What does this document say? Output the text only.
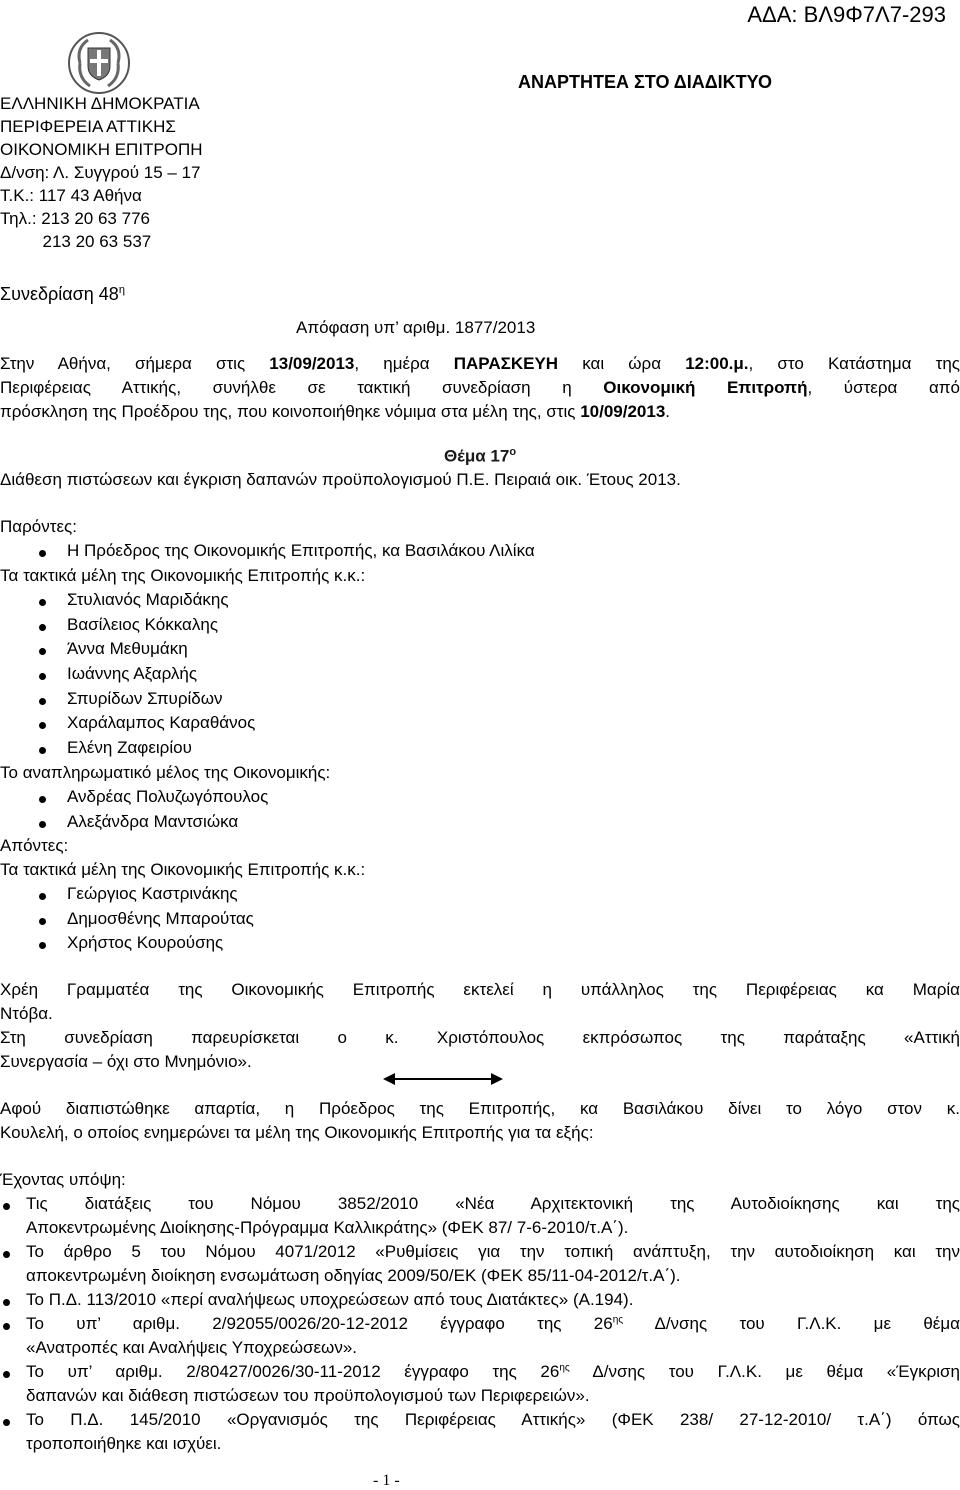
ΑΔΑ: ΒΛ9Φ7Λ7-293
ΕΛΛΗΝΙΚΗ ΔΗΜΟΚΡΑΤΙΑ
ΠΕΡΙΦΕΡΕΙΑ ΑΤΤΙΚΗΣ
ΟΙΚΟΝΟΜΙΚΗ ΕΠΙΤΡΟΠΗ
Δ/νση: Λ. Συγγρού 15 – 17
Τ.Κ.: 117 43 Αθήνα
Τηλ.: 213 20 63 776
213 20 63 537
ΑΝΑΡΤΗΤΕΑ ΣΤΟ ΔΙΑΔΙΚΤΥΟ
Συνεδρίαση $48^\eta$
Απόφαση υπ’ αριθμ. 1877/2013
Στην Αθήνα, σήμερα στις 13/09/2013, ημέρα ΠΑΡΑΣΚΕΥΗ και ώρα 12:00.μ., στο Κατάστημα της
Περιφέρειας Αττικής, συνήλθε σε τακτική συνεδρίαση η Οικονομική Επιτροπή, ύστερα από
πρόσκληση της Προέδρου της, που κοινοποιήθηκε νόμιμα στα μέλη της, στις 10/09/2013.
Θέμα $17^o$
Διάθεση πιστώσεων και έγκριση δαπανών προϋπολογισμού Π.Ε. Πειραιά οικ. Έτους 2013.
Παρόντες:
Η Πρόεδρος της Οικονομικής Επιτροπής, κα Βασιλάκου Λιλίκα
Τα τακτικά μέλη της Οικονομικής Επιτροπής κ.κ.:
Στυλιανός Μαριδάκης
Βασίλειος Κόκκαλης
Άννα Μεθυμάκη
Ιωάννης Αξαρλής
Σπυρίδων Σπυρίδων
Χαράλαμπος Καραθάνος
Ελένη Ζαφειρίου
Το αναπληρωματικό μέλος της Οικονομικής:
Ανδρέας Πολυζωγόπουλος
Αλεξάνδρα Μαντσιώκα
Απόντες:
Τα τακτικά μέλη της Οικονομικής Επιτροπής κ.κ.:
Γεώργιος Καστρινάκης
Δημοσθένης Μπαρούτας
Χρήστος Κουρούσης
Χρέη Γραμματέα της Οικονομικής Επιτροπής εκτελεί η υπάλληλος της Περιφέρειας κα Μαρία
Ντόβα.
Στη συνεδρίαση παρευρίσκεται ο κ. Χριστόπουλος εκπρόσωπος της παράταξης «Αττική
Συνεργασία – όχι στο Μνημόνιο».
Αφού διαπιστώθηκε απαρτία, η Πρόεδρος της Επιτροπής, κα Βασιλάκου δίνει το λόγο στον κ.
Κουλελή, ο οποίος ενημερώνει τα μέλη της Οικονομικής Επιτροπής για τα εξής:
Έχοντας υπόψη:
Τις διατάξεις του Νόμου 3852/2010 «Νέα Αρχιτεκτονική της Αυτοδιοίκησης και της
Αποκεντρωμένης Διοίκησης-Πρόγραμμα Καλλικράτης» (ΦΕΚ 87/ 7-6-2010/τ.Α΄).
Το άρθρο 5 του Νόμου 4071/2012 «Ρυθμίσεις για την τοπική ανάπτυξη, την αυτοδιοίκηση και την
αποκεντρωμένη διοίκηση ενσωμάτωση οδηγίας 2009/50/ΕΚ (ΦΕΚ 85/11-04-2012/τ.Α΄).
Το Π.Δ. 113/2010 «περί αναλήψεως υποχρεώσεων από τους Διατάκτες» (Α.194).
Το υπ’ αριθμ. 2/92055/0026/20-12-2012 έγγραφο της $26^{\eta\varsigma}$ Δ/νσης του Γ.Λ.Κ. με θέμα
«Ανατροπές και Αναλήψεις Υποχρεώσεων».
Το υπ’ αριθμ. 2/80427/0026/30-11-2012 έγγραφο της $26^{\eta\varsigma}$ Δ/νσης του Γ.Λ.Κ. με θέμα «Έγκριση
δαπανών και διάθεση πιστώσεων του προϋπολογισμού των Περιφερειών».
Το Π.Δ. 145/2010 «Οργανισμός της Περιφέρειας Αττικής» (ΦΕΚ 238/ 27-12-2010/ τ.Α΄) όπως
τροποποιήθηκε και ισχύει.
- 1 -
